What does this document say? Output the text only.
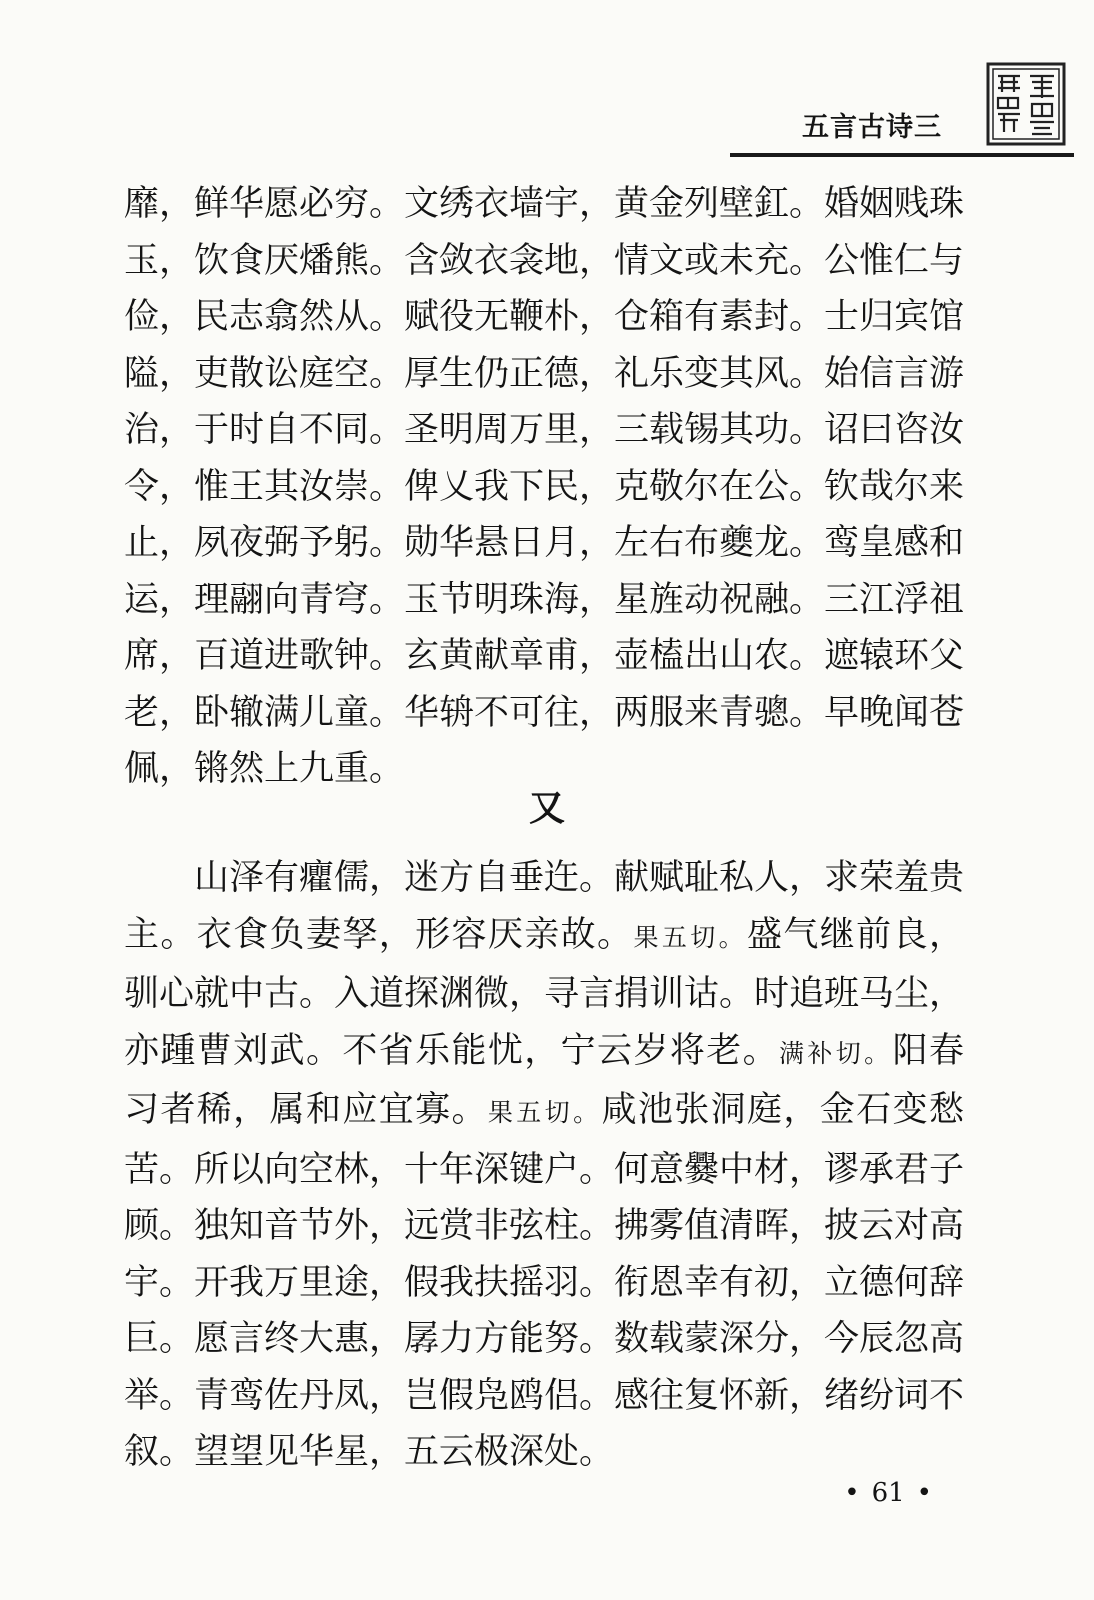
五言古诗三
靡，鲜华愿必穷。文绣衣墙宇，黄金列壁釭。婚姻贱珠玉，饮食厌燔熊。含敛衣衾地，情文或未充。公惟仁与俭，民志翕然从。赋役无鞭朴，仓箱有素封。士归宾馆隘，吏散讼庭空。厚生仍正德，礼乐变其风。始信言游治，于时自不同。圣明周万里，三载锡其功。诏曰咨汝令，惟王其汝崇。俾乂我下民，克敬尔在公。钦哉尔来止，夙夜弼予躬。勋华悬日月，左右布夔龙。鸾皇感和运，理翮向青穹。玉节明珠海，星旌动祝融。三江浮祖席，百道进歌钟。玄黄献章甫，壶榼出山农。遮辕环父老，卧辙满儿童。华辀不可往，两服来青骢。早晚闻苍佩，锵然上九重。
又
山泽有癯儒，迷方自垂迕。献赋耻私人，求荣羞贵主。衣食负妻孥，形容厌亲故。果五切。盛气继前良，驯心就中古。入道探渊微，寻言捐训诂。时追班马尘，亦踵曹刘武。不省乐能忧，宁云岁将老。满补切。阳春习者稀，属和应宜寡。果五切。咸池张洞庭，金石变愁苦。所以向空林，十年深键户。何意爨中材，谬承君子顾。独知音节外，远赏非弦柱。拂雾值清晖，披云对高宇。开我万里途，假我扶摇羽。衔恩幸有初，立德何辞巨。愿言终大惠，孱力方能努。数载蒙深分，今辰忽高举。青鸾佐丹凤，岂假凫鸥侣。感往复怀新，绪纷词不叙。望望见华星，五云极深处。
• 61 •
